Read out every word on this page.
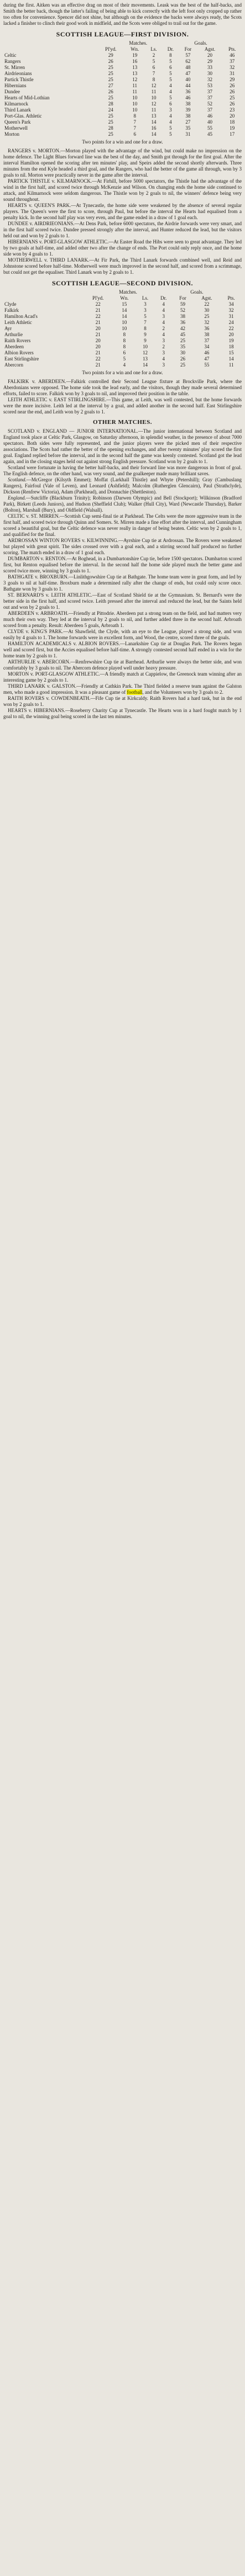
during the first. Aitken was an effective drag on most of their movements. Leask was the best of the half-backs, and Smith the better back, though the latter's failing of being able to kick correctly with the left foot only cropped up rather too often for convenience. Spencer did not shine, but although on the evidence the backs were always ready, the Scots lacked a finisher to clinch their good work in midfield, and the Scots were obliged to trail out for the game.

SCOTTISH LEAGUE—FIRST DIVISION.
	Matches.				Goals.		
	Pl'yd.	Wn.	Ls.	Dr.	For	Agst.	Pts.
Celtic	29	19	2	8	57	20	46
Rangers	26	16	5	5	62	29	37
St. Mirren	25	13	6	6	48	33	32
Airdrieonians	25	13	7	5	47	30	31
Partick Thistle	25	12	8	5	40	32	29
Hibernians	27	11	12	4	44	53	26
Dundee	26	11	11	4	36	37	26
Hearts of Mid-Lothian	25	10	10	5	46	37	25
Kilmarnock	28	10	12	6	38	52	26
Third Lanark	24	10	11	3	39	37	23
Port-Glas. Athletic	25	8	13	4	38	46	20
Queen's Park	25	7	14	4	27	40	18
Motherwell	28	7	16	5	35	55	19
Morton	25	6	14	5	31	45	17

Two points for a win and one for a draw.

RANGERS v. MORTON.—Morton played with the advantage of the wind, but could make no impression on the home defence. The Light Blues forward line was the best of the day, and Smith got through for the first goal. After the interval Hamilton opened the scoring after ten minutes' play, and Speirs added the second shortly afterwards. Three minutes from the end Kyle headed a third goal, and the Rangers, who had the better of the game all through, won by 3 goals to nil. Morton were practically never in the game after the interval.

PARTICK THISTLE v. KILMARNOCK.—At Firhill, before 5000 spectators, the Thistle had the advantage of the wind in the first half, and scored twice through McKenzie and Wilson. On changing ends the home side continued to attack, and Kilmarnock were seldom dangerous. The Thistle won by 2 goals to nil, the winners' defence being very sound throughout.

HEARTS v. QUEEN'S PARK.—At Tynecastle, the home side were weakened by the absence of several regular players. The Queen's were the first to score, through Paul, but before the interval the Hearts had equalised from a penalty kick. In the second half play was very even, and the game ended in a draw of 1 goal each.

DUNDEE v. AIRDRIEONIANS.—At Dens Park, before 6000 spectators, the Airdrie forwards were very smart, and in the first half scored twice. Dundee pressed strongly after the interval, and Hunter reduced the lead, but the visitors held out and won by 2 goals to 1.

HIBERNIANS v. PORT-GLASGOW ATHLETIC.—At Easter Road the Hibs were seen to great advantage. They led by two goals at half-time, and added other two after the change of ends. The Port could only reply once, and the home side won by 4 goals to 1.

MOTHERWELL v. THIRD LANARK.—At Fir Park, the Third Lanark forwards combined well, and Reid and Johnstone scored before half-time. Motherwell were much improved in the second half, and scored from a scrimmage, but could not get the equaliser. Third Lanark won by 2 goals to 1.

SCOTTISH LEAGUE—SECOND DIVISION.
	Matches.				Goals.		
	Pl'yd.	Wn.	Ls.	Dr.	For	Agst.	Pts.
Clyde	22	15	3	4	59	22	34
Falkirk	21	14	3	4	52	30	32
Hamilton Acad's	22	14	5	3	38	25	31
Leith Athletic	21	10	7	4	36	32	24
Ayr	20	10	8	2	42	36	22
Arthurlie	21	8	9	4	45	38	20
Raith Rovers	20	8	9	3	25	37	19
Aberdeen	20	8	10	2	35	34	18
Albion Rovers	21	6	12	3	30	46	15
East Stirlingshire	22	5	13	4	26	47	14
Abercorn	21	4	14	3	25	55	11

Two points for a win and one for a draw.

FALKIRK v. ABERDEEN.—Falkirk controlled their Second League fixture at Brockville Park, where the Aberdonians were opposed. The home side took the lead early, and the visitors, though they made several determined efforts, failed to score. Falkirk won by 3 goals to nil, and improved their position in the table.

LEITH ATHLETIC v. EAST STIRLINGSHIRE.—This game, at Leith, was well contested, but the home forwards were the more incisive. Leith led at the interval by a goal, and added another in the second half. East Stirlingshire scored near the end, and Leith won by 2 goals to 1.

OTHER MATCHES.

SCOTLAND v. ENGLAND — JUNIOR INTERNATIONAL.—The junior international between Scotland and England took place at Celtic Park, Glasgow, on Saturday afternoon, in splendid weather, in the presence of about 7000 spectators. Both sides were fully represented, and the junior players were the picked men of their respective associations. The Scots had rather the better of the opening exchanges, and after twenty minutes' play scored the first goal. England replied before the interval, and in the second half the game was keenly contested. Scotland got the lead again, and in the closing stages held out against strong English pressure. Scotland won by 2 goals to 1.

Scotland were fortunate in having the better half-backs, and their forward line was more dangerous in front of goal. The English defence, on the other hand, was very sound, and the goalkeeper made many brilliant saves.

Scotland.—McGregor (Kilsyth Emmet); Moffat (Larkhall Thistle) and Whyte (Petershill); Gray (Cambuslang Rangers), Fairfoul (Vale of Leven), and Leonard (Ashfield); Malcolm (Rutherglen Glencairn), Paul (Strathclyde), Dickson (Renfrew Victoria), Adam (Parkhead), and Donnachie (Shettleston).

England.—Sutcliffe (Blackburn Trinity); Robinson (Darwen Olympic) and Bell (Stockport); Wilkinson (Bradford Park), Birkett (Leeds Juniors), and Hudson (Sheffield Club); Walker (Hull City), Ward (Newcastle Thursday), Barker (Bolton), Marshall (Bury), and Oldfield (Walsall).

CELTIC v. ST. MIRREN.—Scottish Cup semi-final tie at Parkhead. The Celts were the more aggressive team in the first half, and scored twice through Quinn and Somers. St. Mirren made a fine effort after the interval, and Cunningham scored a beautiful goal, but the Celtic defence was never really in danger of being beaten. Celtic won by 2 goals to 1, and qualified for the final.

ARDROSSAN WINTON ROVERS v. KILWINNING.—Ayrshire Cup tie at Ardrossan. The Rovers were weakened but played with great spirit. The sides crossed over with a goal each, and a stirring second half produced no further scoring. The match ended in a draw of 1 goal each.

DUMBARTON v. RENTON.—At Boghead, in a Dumbartonshire Cup tie, before 1500 spectators. Dumbarton scored first, but Renton equalised before the interval. In the second half the home side played much the better game and scored twice more, winning by 3 goals to 1.

BATHGATE v. BROXBURN.—Linlithgowshire Cup tie at Bathgate. The home team were in great form, and led by 3 goals to nil at half-time. Broxburn made a determined rally after the change of ends, but could only score once. Bathgate won by 3 goals to 1.

ST. BERNARD'S v. LEITH ATHLETIC.—East of Scotland Shield tie at the Gymnasium. St. Bernard's were the better side in the first half, and scored twice. Leith pressed after the interval and reduced the lead, but the Saints held out and won by 2 goals to 1.

ABERDEEN v. ARBROATH.—Friendly at Pittodrie. Aberdeen put a strong team on the field, and had matters very much their own way. They led at the interval by 2 goals to nil, and further added three in the second half. Arbroath scored from a penalty. Result: Aberdeen 5 goals, Arbroath 1.

CLYDE v. KING'S PARK.—At Shawfield, the Clyde, with an eye to the League, played a strong side, and won easily by 4 goals to 1. The home forwards were in excellent form, and Wood, the centre, scored three of the goals.

HAMILTON ACADEMICALS v. ALBION ROVERS.—Lanarkshire Cup tie at Douglas Park. The Rovers began well and scored first, but the Accies equalised before half-time. A strongly contested second half ended in a win for the home team by 2 goals to 1.

ARTHURLIE v. ABERCORN.—Renfrewshire Cup tie at Barrhead. Arthurlie were always the better side, and won comfortably by 3 goals to nil. The Abercorn defence played well under heavy pressure.

MORTON v. PORT-GLASGOW ATHLETIC.—A friendly match at Cappielow, the Greenock team winning after an interesting game by 2 goals to 1.

THIRD LANARK v. GALSTON.—Friendly at Cathkin Park. The Third fielded a reserve team against the Galston men, who made a good impression. It was a pleasant game of football, and the Volunteers won by 3 goals to 2.

RAITH ROVERS v. COWDENBEATH.—Fife Cup tie at Kirkcaldy. Raith Rovers had a hard task, but in the end won by 2 goals to 1.

HEARTS v. HIBERNIANS.—Roseberry Charity Cup at Tynecastle. The Hearts won in a hard fought match by 1 goal to nil, the winning goal being scored in the last ten minutes.
